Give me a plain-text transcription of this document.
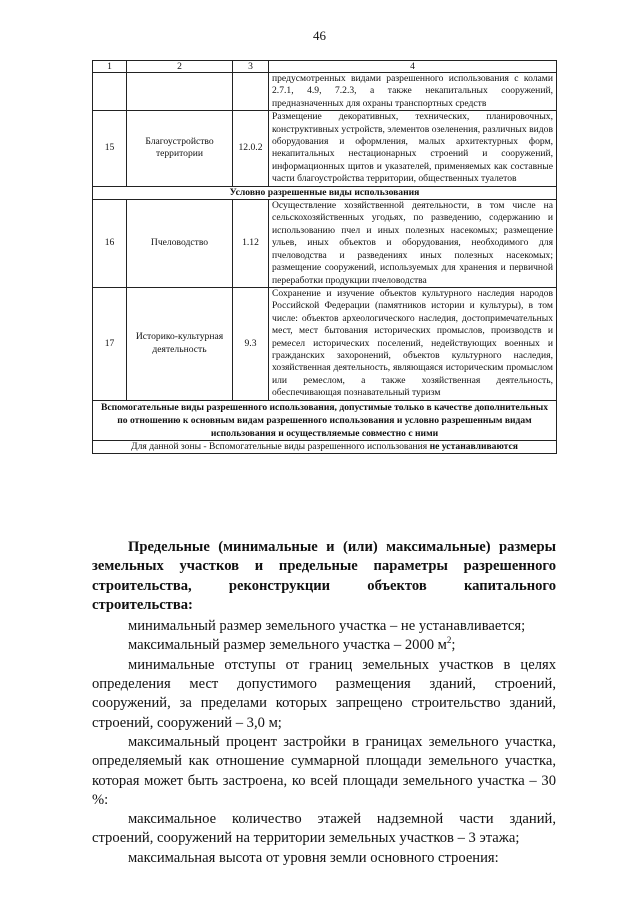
46
1	2	3	4
			предусмотренных видами разрешенного использования с колами 2.7.1, 4.9, 7.2.3, а также некапитальных сооружений, предназначенных для охраны транспортных средств
15	Благоустройство территории	12.0.2	Размещение декоративных, технических, планировочных, конструктивных устройств, элементов озеленения, различных видов оборудования и оформления, малых архитектурных форм, некапитальных нестационарных строений и сооружений, информационных щитов и указателей, применяемых как составные части благоустройства территории, общественных туалетов
Условно разрешенные виды использования			
16	Пчеловодство	1.12	Осуществление хозяйственной деятельности, в том числе на сельскохозяйственных угодьях, по разведению, содержанию и использованию пчел и иных полезных насекомых; размещение ульев, иных объектов и оборудования, необходимого для пчеловодства и разведениях иных полезных насекомых; размещение сооружений, используемых для хранения и первичной переработки продукции пчеловодства
17	Историко-культурная деятельность	9.3	Сохранение и изучение объектов культурного наследия народов Российской Федерации (памятников истории и культуры), в том числе: объектов археологического наследия, достопримечательных мест, мест бытования исторических промыслов, производств и ремесел исторических поселений, недействующих военных и гражданских захоронений, объектов культурного наследия, хозяйственная деятельность, являющаяся историческим промыслом или ремеслом, а также хозяйственная деятельность, обеспечивающая познавательный туризм
Вспомогательные виды разрешенного использования, допустимые только в качестве дополнительных по отношению к основным видам разрешенного использования и условно разрешенным видам использования и осуществляемые совместно с ними			
Для данной зоны - Вспомогательные виды разрешенного использования не устанавливаются			

Предельные (минимальные и (или) максимальные) размеры земельных участков и предельные параметры разрешенного строительства, реконструкции объектов капитального строительства:

минимальный размер земельного участка – не устанавливается;

максимальный размер земельного участка – 2000 $м^2$;

минимальные отступы от границ земельных участков в целях определения мест допустимого размещения зданий, строений, сооружений, за пределами которых запрещено строительство зданий, строений, сооружений – 3,0 м;

максимальный процент застройки в границах земельного участка, определяемый как отношение суммарной площади земельного участка, которая может быть застроена, ко всей площади земельного участка – 30 %:

максимальное количество этажей надземной части зданий, строений, сооружений на территории земельных участков – 3 этажа;

максимальная высота от уровня земли основного строения:
